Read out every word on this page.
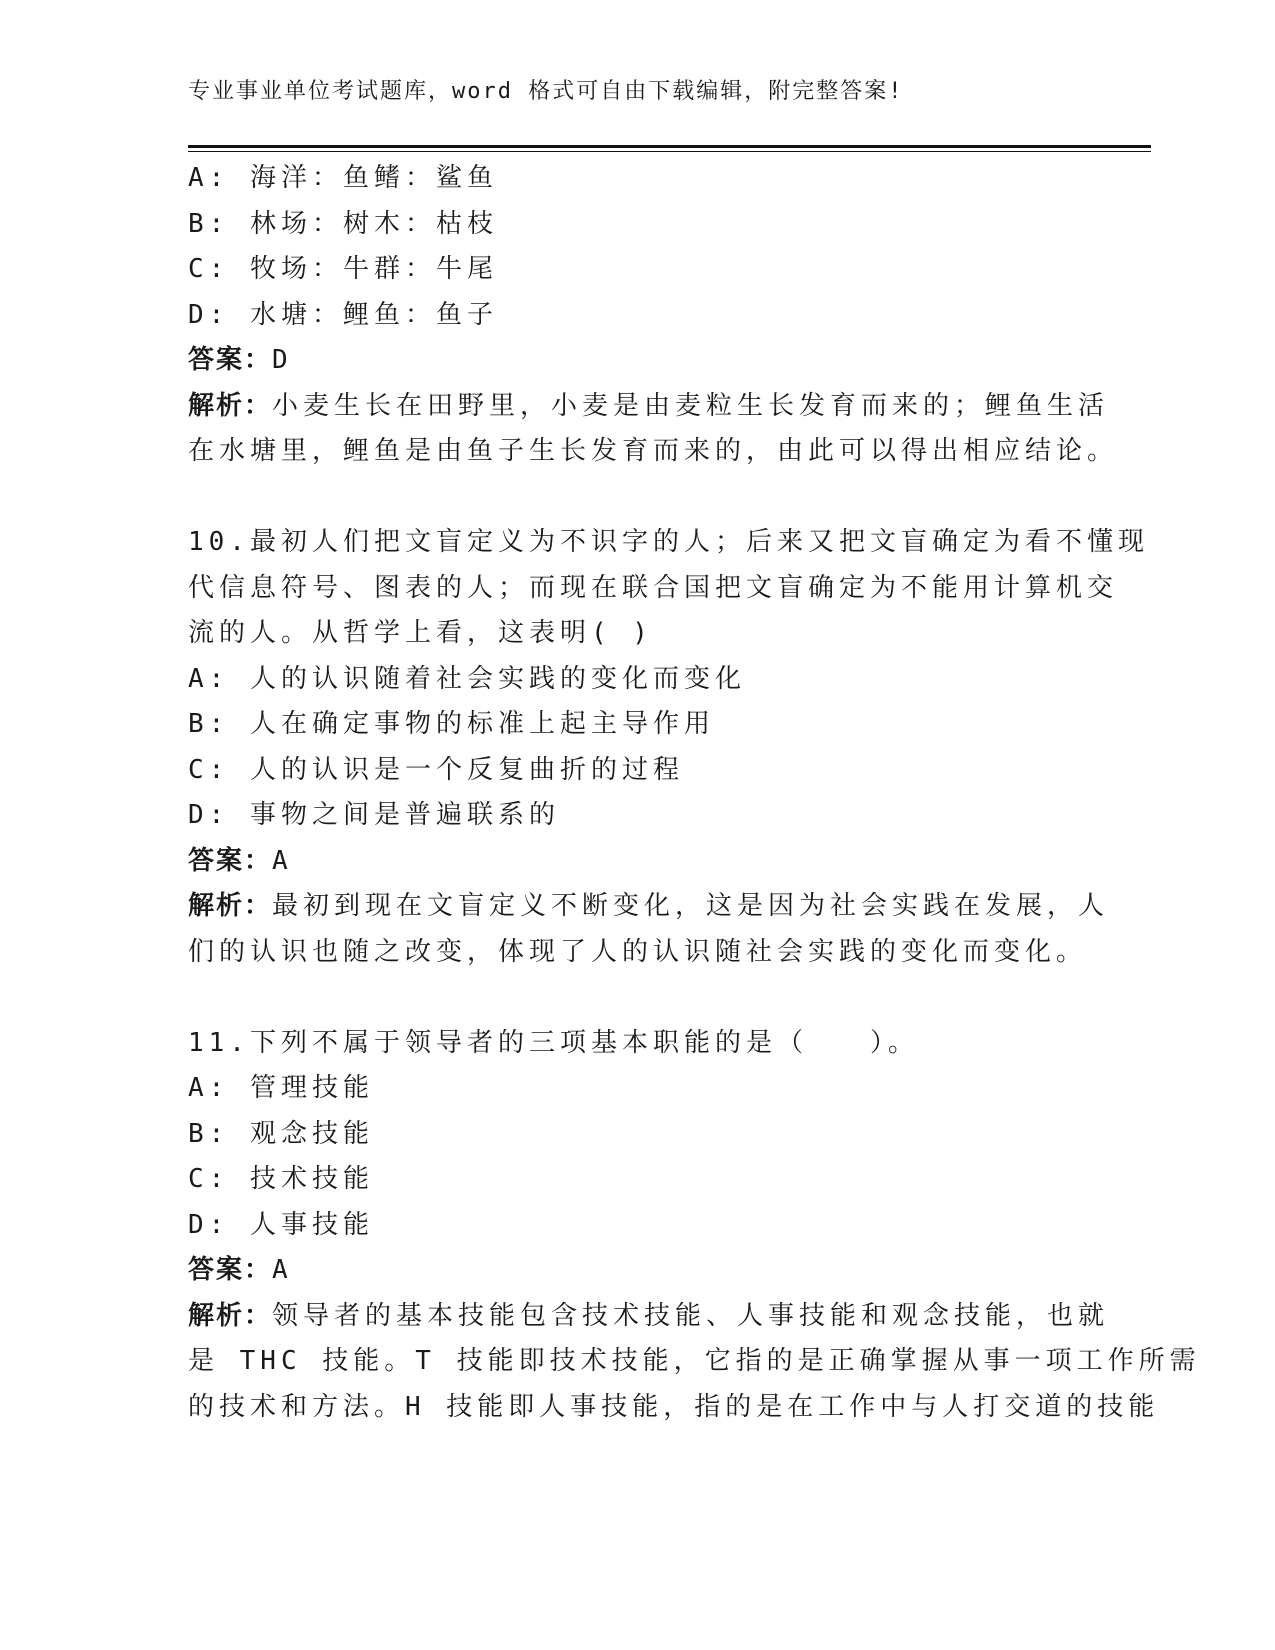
专业事业单位考试题库，word 格式可自由下载编辑，附完整答案!
A: 海洋：鱼鳍：鲨鱼
B: 林场：树木：枯枝
C: 牧场：牛群：牛尾
D: 水塘：鲤鱼：鱼子
答案：D
解析：小麦生长在田野里，小麦是由麦粒生长发育而来的；鲤鱼生活
在水塘里，鲤鱼是由鱼子生长发育而来的，由此可以得出相应结论。
10.最初人们把文盲定义为不识字的人；后来又把文盲确定为看不懂现
代信息符号、图表的人；而现在联合国把文盲确定为不能用计算机交
流的人。从哲学上看，这表明( )
A: 人的认识随着社会实践的变化而变化
B: 人在确定事物的标准上起主导作用
C: 人的认识是一个反复曲折的过程
D: 事物之间是普遍联系的
答案：A
解析：最初到现在文盲定义不断变化，这是因为社会实践在发展，人
们的认识也随之改变，体现了人的认识随社会实践的变化而变化。
11.下列不属于领导者的三项基本职能的是（　　）。
A: 管理技能
B: 观念技能
C: 技术技能
D: 人事技能
答案：A
解析：领导者的基本技能包含技术技能、人事技能和观念技能，也就
是 THC 技能。T 技能即技术技能，它指的是正确掌握从事一项工作所需
的技术和方法。H 技能即人事技能，指的是在工作中与人打交道的技能
